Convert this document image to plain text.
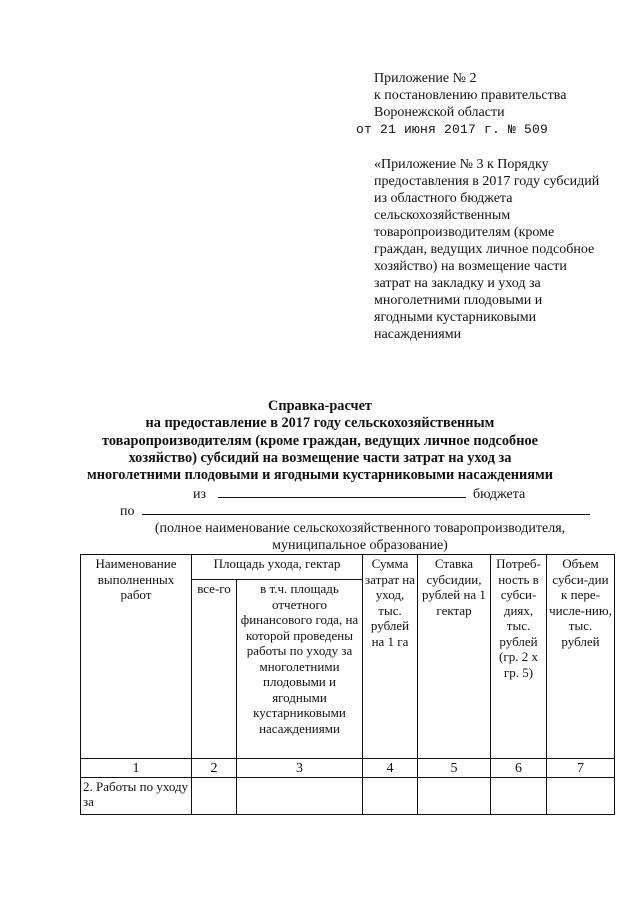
Приложение № 2
к постановлению правительства
Воронежской области
от 21 июня 2017 г. № 509
«Приложение № 3 к Порядку
предоставления в 2017 году субсидий
из областного бюджета
сельскохозяйственным
товаропроизводителям (кроме
граждан, ведущих личное подсобное
хозяйство) на возмещение части
затрат на закладку и уход за
многолетними плодовыми и
ягодными кустарниковыми
насаждениями
Справка-расчет
на предоставление в 2017 году сельскохозяйственным
товаропроизводителям (кроме граждан, ведущих личное подсобное
хозяйство) субсидий на возмещение части затрат на уход за
многолетними плодовыми и ягодными кустарниковыми насаждениями
из	бюджета
по
(полное наименование сельскохозяйственного товаропроизводителя,
муниципальное образование)
Наименование выполненных работ	Площадь ухода, гектар		Сумма затрат на уход, тыс. рублей на 1 га	Ставка субсидии, рублей на 1 гектар	Потреб-ность в субси-диях, тыс. рублей (гр. 2 х гр. 5)	Объем субси-дии к пере-числе-нию, тыс. рублей
	все-го	в т.ч. площадь отчетного финансового года, на которой проведены работы по уходу за многолетними плодовыми и ягодными кустарниковыми насаждениями				
1	2	3	4	5	6	7
2. Работы по уходу за						
